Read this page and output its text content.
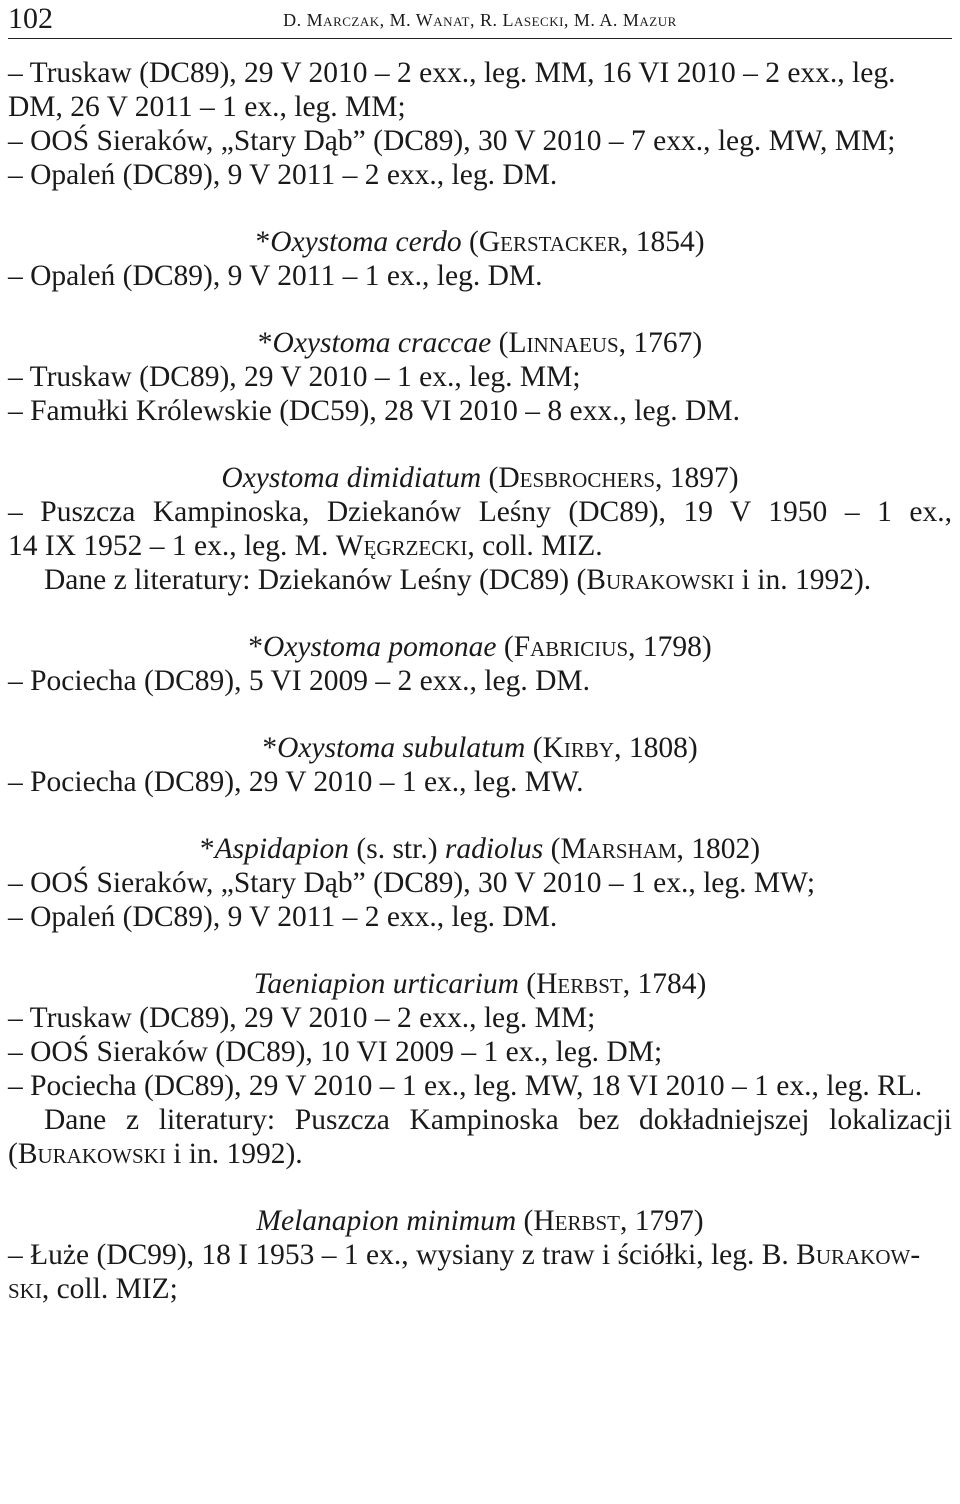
102	D. Marczak, M. Wanat, R. Lasecki, M. A. Mazur
– Truskaw (DC89), 29 V 2010 – 2 exx., leg. MM, 16 VI 2010 – 2 exx., leg.
DM, 26 V 2011 – 1 ex., leg. MM;
– OOŚ Sieraków, „Stary Dąb” (DC89), 30 V 2010 – 7 exx., leg. MW, MM;
– Opaleń (DC89), 9 V 2011 – 2 exx., leg. DM.
*Oxystoma cerdo (Gerstacker, 1854)
– Opaleń (DC89), 9 V 2011 – 1 ex., leg. DM.
*Oxystoma craccae (Linnaeus, 1767)
– Truskaw (DC89), 29 V 2010 – 1 ex., leg. MM;
– Famułki Królewskie (DC59), 28 VI 2010 – 8 exx., leg. DM.
Oxystoma dimidiatum (Desbrochers, 1897)
– Puszcza Kampinoska, Dziekanów Leśny (DC89), 19 V 1950 – 1 ex.,
14 IX 1952 – 1 ex., leg. M. Węgrzecki, coll. MIZ.
Dane z literatury: Dziekanów Leśny (DC89) (Burakowski i in. 1992).
*Oxystoma pomonae (Fabricius, 1798)
– Pociecha (DC89), 5 VI 2009 – 2 exx., leg. DM.
*Oxystoma subulatum (Kirby, 1808)
– Pociecha (DC89), 29 V 2010 – 1 ex., leg. MW.
*Aspidapion (s. str.) radiolus (Marsham, 1802)
– OOŚ Sieraków, „Stary Dąb” (DC89), 30 V 2010 – 1 ex., leg. MW;
– Opaleń (DC89), 9 V 2011 – 2 exx., leg. DM.
Taeniapion urticarium (Herbst, 1784)
– Truskaw (DC89), 29 V 2010 – 2 exx., leg. MM;
– OOŚ Sieraków (DC89), 10 VI 2009 – 1 ex., leg. DM;
– Pociecha (DC89), 29 V 2010 – 1 ex., leg. MW, 18 VI 2010 – 1 ex., leg. RL.
Dane z literatury: Puszcza Kampinoska bez dokładniejszej lokalizacji
(Burakowski i in. 1992).
Melanapion minimum (Herbst, 1797)
– Łuże (DC99), 18 I 1953 – 1 ex., wysiany z traw i ściółki, leg. B. Burakow-
ski, coll. MIZ;
